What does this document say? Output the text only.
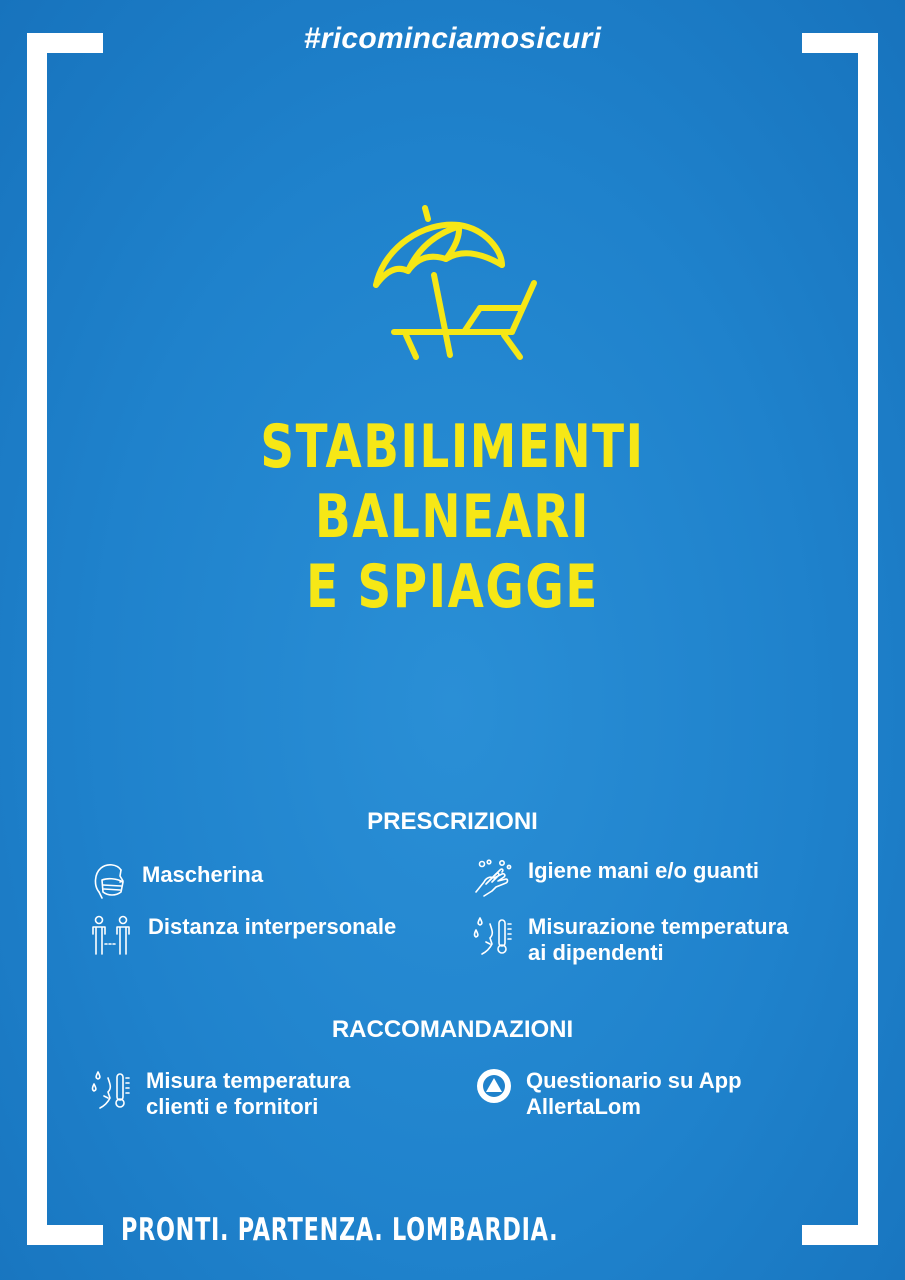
#ricominciamosicuri
STABILIMENTI
BALNEARI
E SPIAGGE
PRESCRIZIONI
Mascherina	Igiene mani e/o guanti
Distanza interpersonale	Misurazione temperatura
ai dipendenti
RACCOMANDAZIONI
Misura temperatura
clienti e fornitori
Questionario su App
AllertaLom
PRONTI. PARTENZA. LOMBARDIA.
